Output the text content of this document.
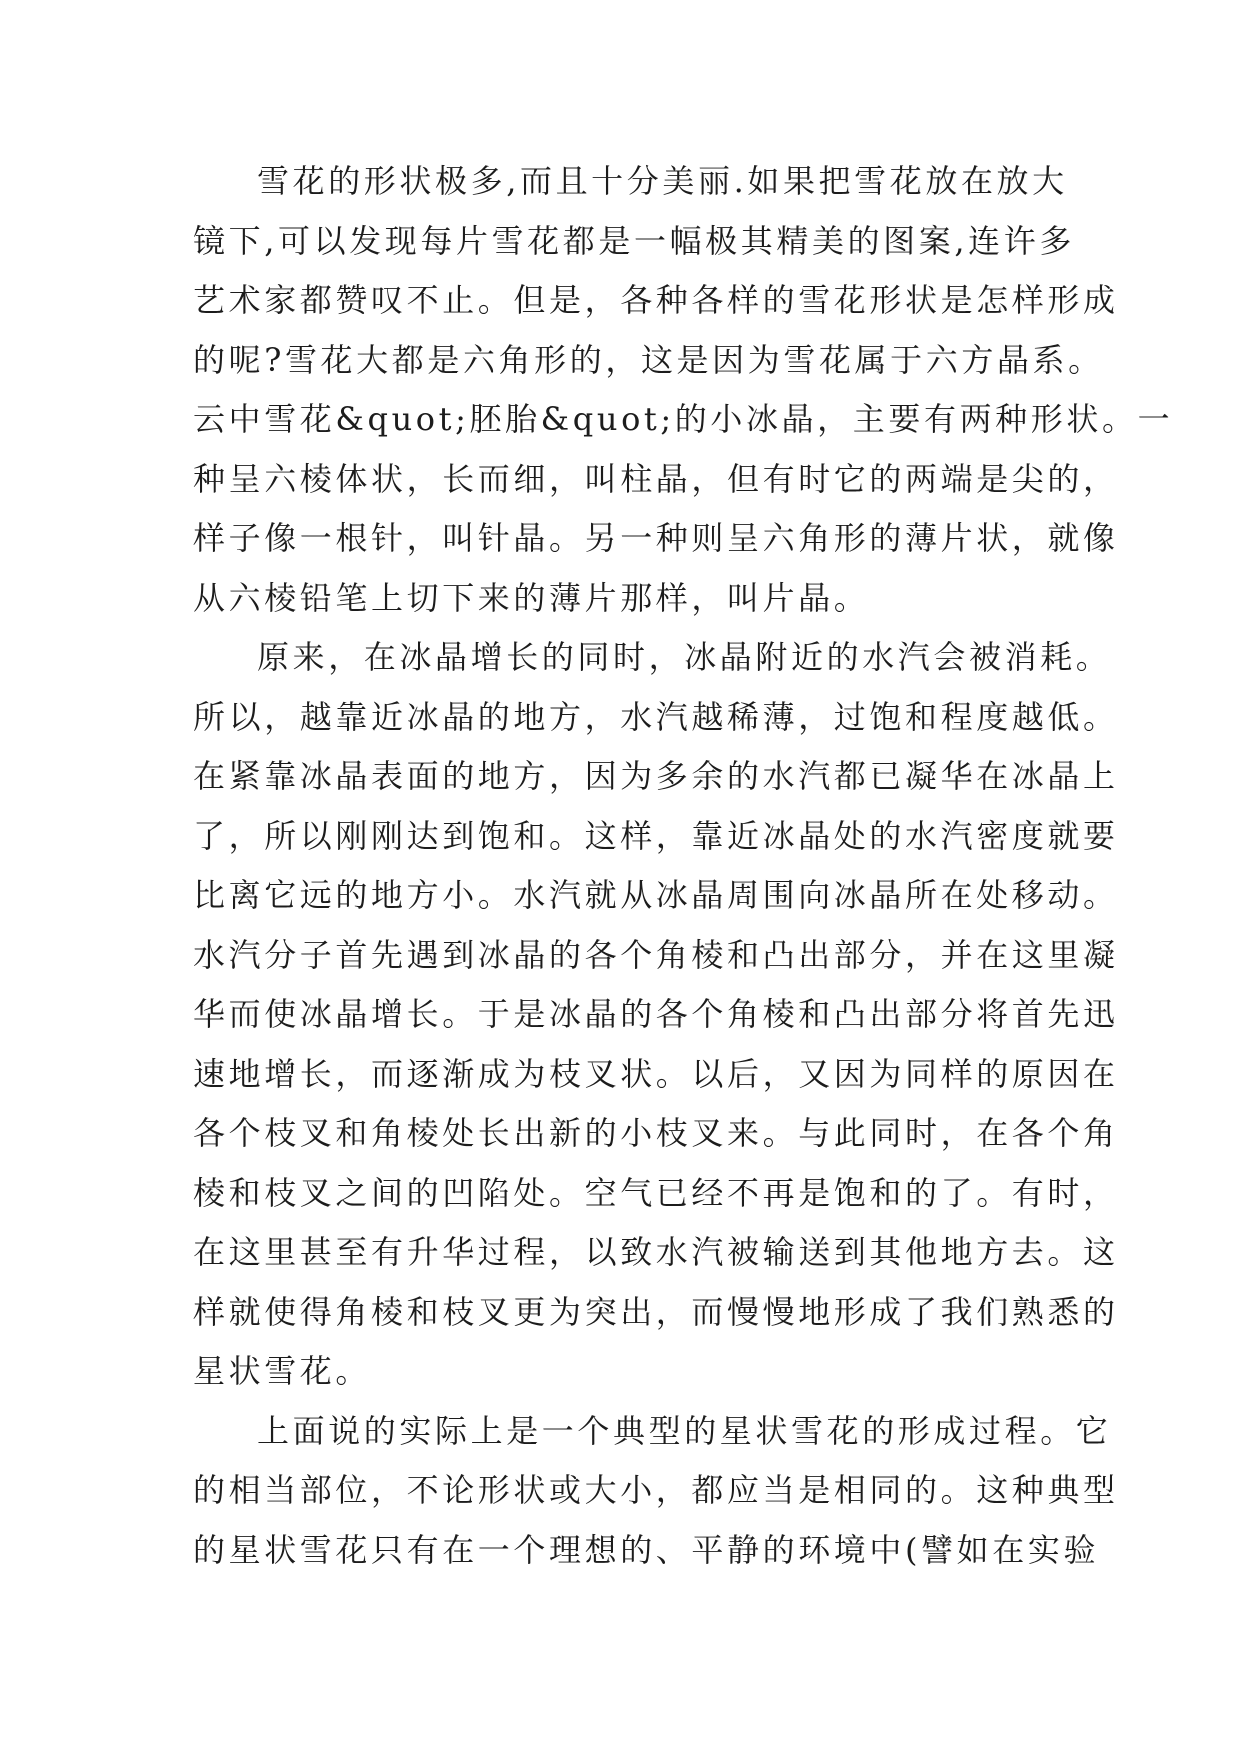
雪花的形状极多,而且十分美丽.如果把雪花放在放大
镜下,可以发现每片雪花都是一幅极其精美的图案,连许多
艺术家都赞叹不止。但是，各种各样的雪花形状是怎样形成
的呢?雪花大都是六角形的，这是因为雪花属于六方晶系。
云中雪花&quot;胚胎&quot;的小冰晶，主要有两种形状。一
种呈六棱体状，长而细，叫柱晶，但有时它的两端是尖的，
样子像一根针，叫针晶。另一种则呈六角形的薄片状，就像
从六棱铅笔上切下来的薄片那样，叫片晶。
原来，在冰晶增长的同时，冰晶附近的水汽会被消耗。
所以，越靠近冰晶的地方，水汽越稀薄，过饱和程度越低。
在紧靠冰晶表面的地方，因为多余的水汽都已凝华在冰晶上
了，所以刚刚达到饱和。这样，靠近冰晶处的水汽密度就要
比离它远的地方小。水汽就从冰晶周围向冰晶所在处移动。
水汽分子首先遇到冰晶的各个角棱和凸出部分，并在这里凝
华而使冰晶增长。于是冰晶的各个角棱和凸出部分将首先迅
速地增长，而逐渐成为枝叉状。以后，又因为同样的原因在
各个枝叉和角棱处长出新的小枝叉来。与此同时，在各个角
棱和枝叉之间的凹陷处。空气已经不再是饱和的了。有时，
在这里甚至有升华过程，以致水汽被输送到其他地方去。这
样就使得角棱和枝叉更为突出，而慢慢地形成了我们熟悉的
星状雪花。
上面说的实际上是一个典型的星状雪花的形成过程。它
的相当部位，不论形状或大小，都应当是相同的。这种典型
的星状雪花只有在一个理想的、平静的环境中(譬如在实验
